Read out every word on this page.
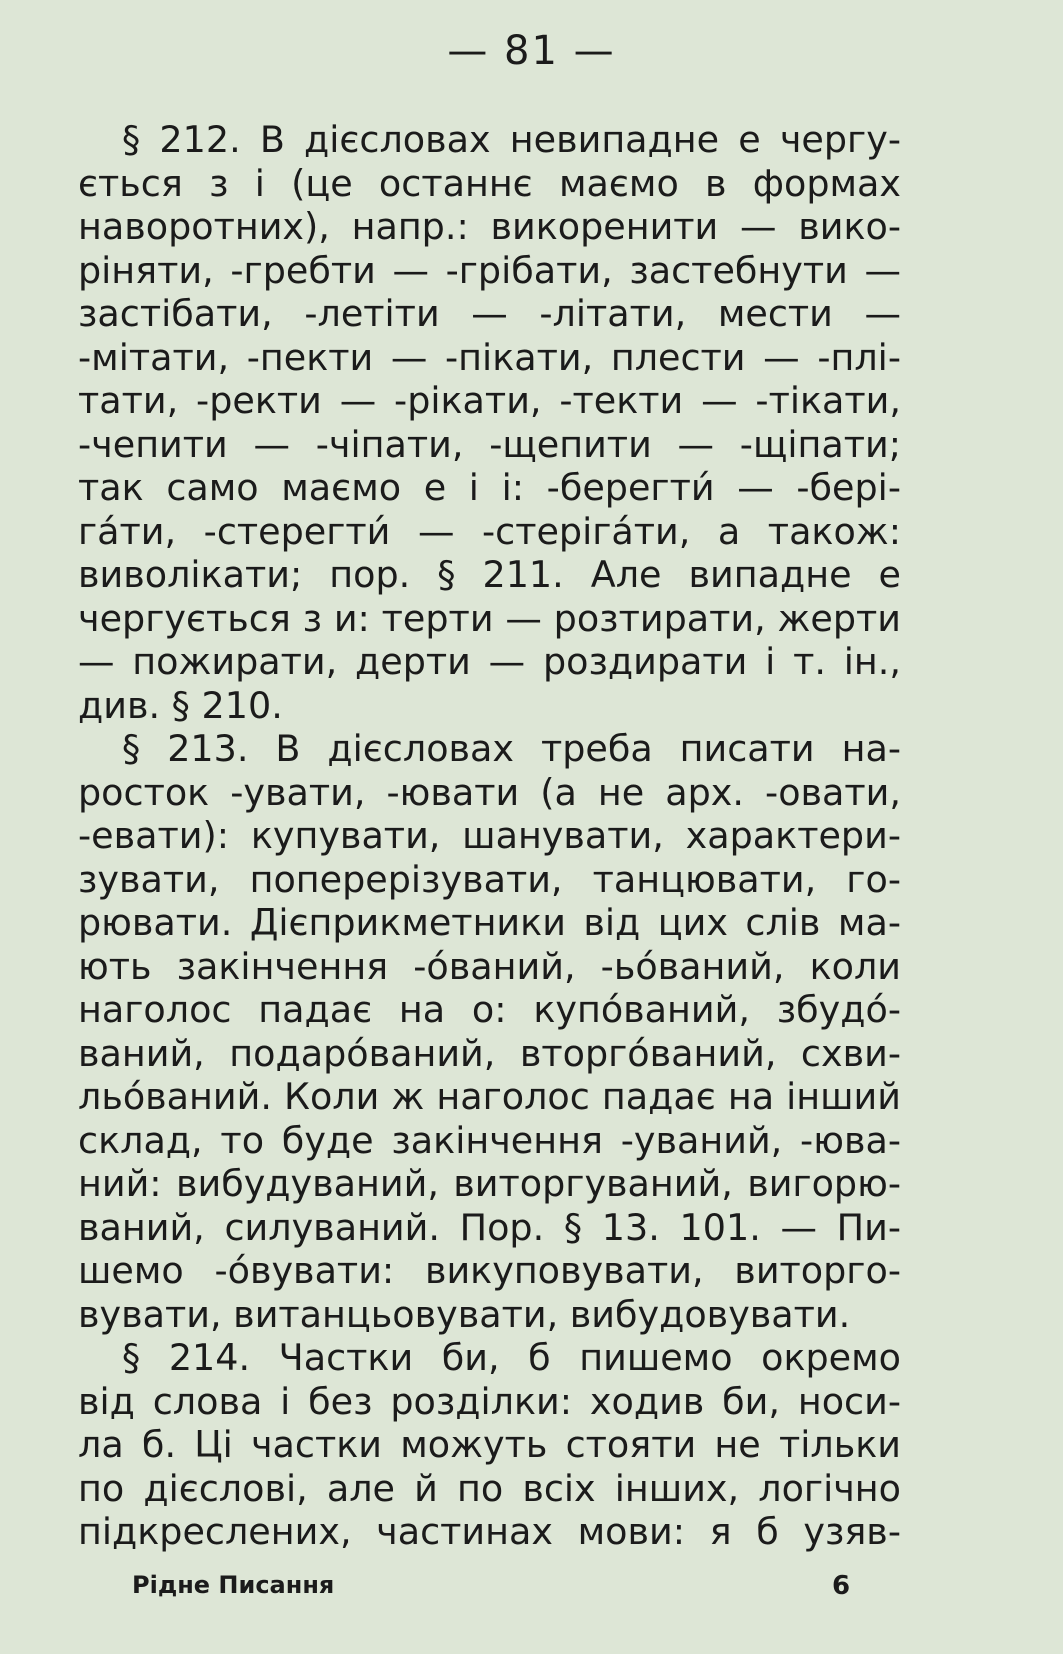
— 81 —
§ 212. В дієсловах невипадне е чергу-
ється з і (це останнє маємо в формах
наворотних), напр.: викоренити — вико-
ріняти, -гребти — -грібати, застебнути —
застібати, -летіти — -літати, мести —
-мітати, -пекти — -пікати, плести — -плі-
тати, -ректи — -рікати, -текти — -тікати,
-чепити — -чіпати, -щепити — -щіпати;
так само маємо е і і: -берегти́ — -бері-
га́ти, -стерегти́ — -стеріга́ти, а також:
виволікати; пор. § 211. Але випадне е
чергується з и: терти — розтирати, жерти
— пожирати, дерти — роздирати і т. ін.,
див. § 210.
§ 213. В дієсловах треба писати на-
росток -увати, -ювати (а не арх. -овати,
-евати): купувати, шанувати, характери-
зувати, поперерізувати, танцювати, го-
рювати. Дієприкметники від цих слів ма-
ють закінчення -о́ваний, -ьо́ваний, коли
наголос падає на о: купо́ваний, збудо́-
ваний, подаро́ваний, вторго́ваний, схви-
льо́ваний. Коли ж наголос падає на інший
склад, то буде закінчення -уваний, -юва-
ний: вибудуваний, виторгуваний, вигорю-
ваний, силуваний. Пор. § 13. 101. — Пи-
шемо -о́вувати: викуповувати, виторго-
вувати, витанцьовувати, вибудовувати.
§ 214. Частки би, б пишемо окремо
від слова і без розділки: ходив би, носи-
ла б. Ці частки можуть стояти не тільки
по дієслові, але й по всіх інших, логічно
підкреслених, частинах мови: я б узяв-
Рідне Писання	6
